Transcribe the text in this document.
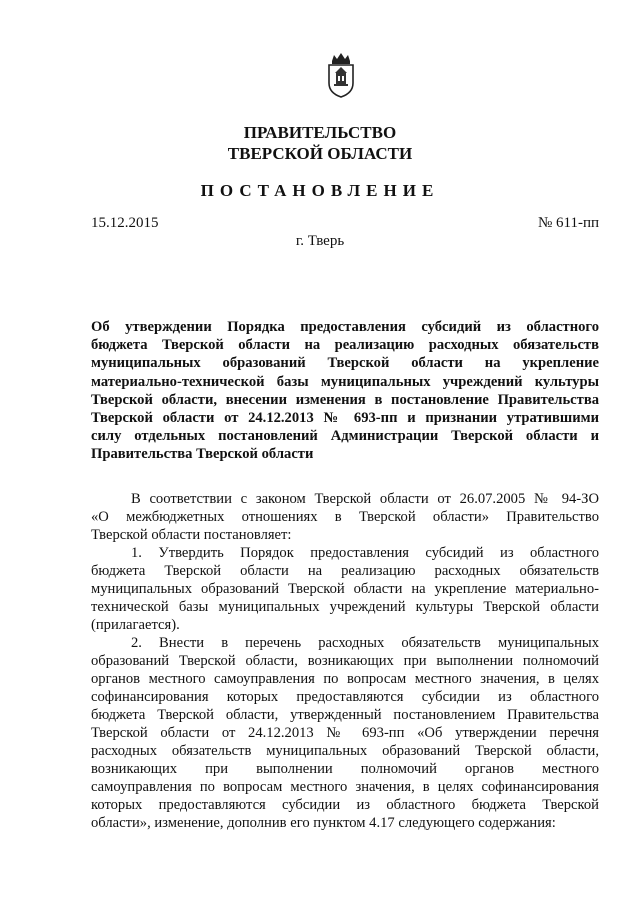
ПРАВИТЕЛЬСТВО
ТВЕРСКОЙ ОБЛАСТИ
ПОСТАНОВЛЕНИЕ
15.12.2015	№ 611-пп
г. Тверь
Об утверждении Порядка предоставления субсидий из областного
бюджета Тверской области на реализацию расходных обязательств
муниципальных образований Тверской области на укрепление
материально-технической базы муниципальных учреждений культуры
Тверской области, внесении изменения в постановление Правительства
Тверской области от 24.12.2013 № 693-пп и признании утратившими
силу отдельных постановлений Администрации Тверской области и
Правительства Тверской области

В соответствии с законом Тверской области от 26.07.2005 № 94-ЗО
«О межбюджетных отношениях в Тверской области» Правительство
Тверской области постановляет:

1. Утвердить Порядок предоставления субсидий из областного
бюджета Тверской области на реализацию расходных обязательств
муниципальных образований Тверской области на укрепление материально-
технической базы муниципальных учреждений культуры Тверской области
(прилагается).

2. Внести в перечень расходных обязательств муниципальных
образований Тверской области, возникающих при выполнении полномочий
органов местного самоуправления по вопросам местного значения, в целях
софинансирования которых предоставляются субсидии из областного
бюджета Тверской области, утвержденный постановлением Правительства
Тверской области от 24.12.2013 № 693-пп «Об утверждении перечня
расходных обязательств муниципальных образований Тверской области,
возникающих при выполнении полномочий органов местного
самоуправления по вопросам местного значения, в целях софинансирования
которых предоставляются субсидии из областного бюджета Тверской
области», изменение, дополнив его пунктом 4.17 следующего содержания:
